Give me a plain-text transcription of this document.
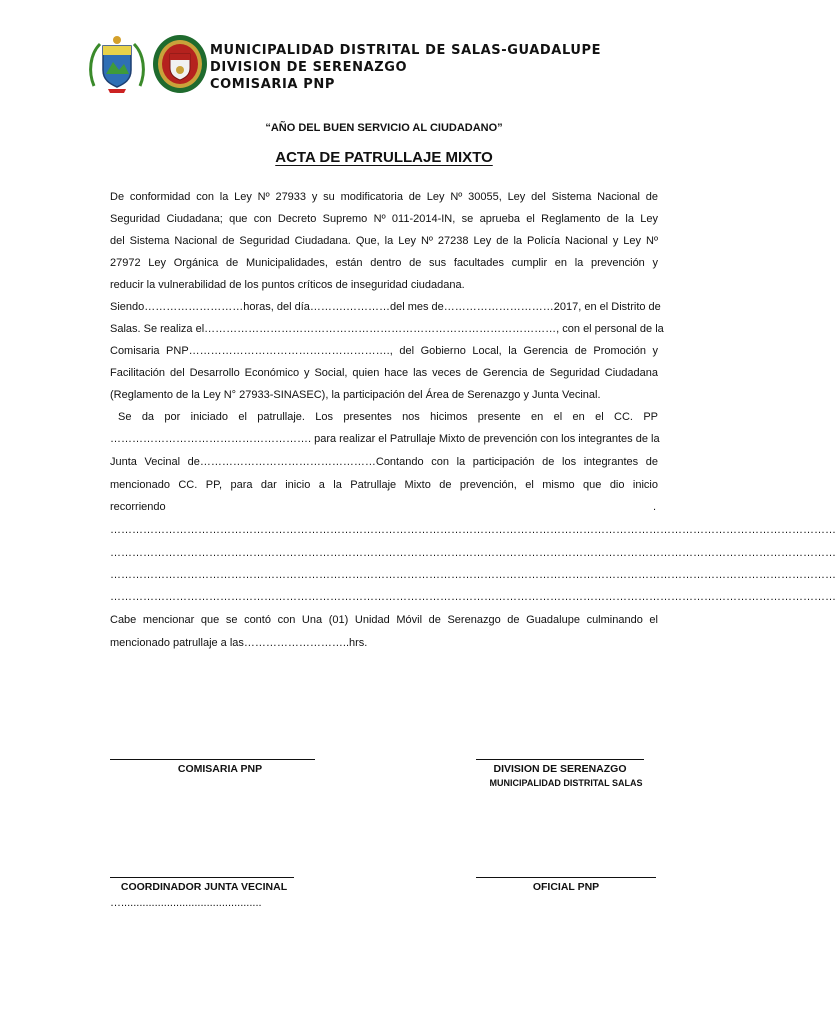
MUNICIPALIDAD DISTRITAL DE SALAS-GUADALUPE
DIVISION DE SERENAZGO
COMISARIA PNP
“AÑO DEL BUEN SERVICIO AL CIUDADANO”
ACTA DE PATRULLAJE MIXTO
De conformidad con la Ley Nº 27933 y su modificatoria de Ley Nº 30055, Ley del Sistema Nacional de
Seguridad Ciudadana; que con Decreto Supremo Nº 011-2014-IN, se aprueba el Reglamento de la Ley
del Sistema Nacional de Seguridad Ciudadana. Que, la Ley Nº 27238 Ley de la Policía Nacional y Ley Nº
27972 Ley Orgánica de Municipalidades, están dentro de sus facultades cumplir en la prevención y
reducir la vulnerabilidad de los puntos críticos de inseguridad ciudadana.
Siendo………………………horas, del día……….…………del mes de…………………………2017, en el Distrito de
Salas. Se realiza el……………………………………………………………………………………, con el personal de la
Comisaria PNP………………………………………………., del Gobierno Local, la Gerencia de Promoción y
Facilitación del Desarrollo Económico y Social, quien hace las veces de Gerencia de Seguridad Ciudadana
(Reglamento de la Ley N° 27933-SINASEC), la participación del Área de Serenazgo y Junta Vecinal.
Se da por iniciado el patrullaje. Los presentes nos hicimos presente en el en el CC. PP
………………………………………………. para realizar el Patrullaje Mixto de prevención con los integrantes de la
Junta Vecinal de…………………………………………Contando con la participación de los integrantes de
mencionado CC. PP, para dar inicio a la Patrullaje Mixto de prevención, el mismo que dio inicio
recorriendo	.
………………………………………………………………………………………………………………………………………………………………………………
………………………………………………………………………………………………………………………………………………………………………………
………………………………………………………………………………………………………………………………………………………………………………
………………………………………………………………………………………………………………………………………………………………………………
Cabe mencionar que se contó con Una (01) Unidad Móvil de Serenazgo de Guadalupe culminando el
mencionado patrullaje a las………………………..hrs.
COMISARIA PNP	DIVISION DE SERENAZGO
MUNICIPALIDAD DISTRITAL SALAS
COORDINADOR JUNTA VECINAL
…..............................................
OFICIAL PNP
